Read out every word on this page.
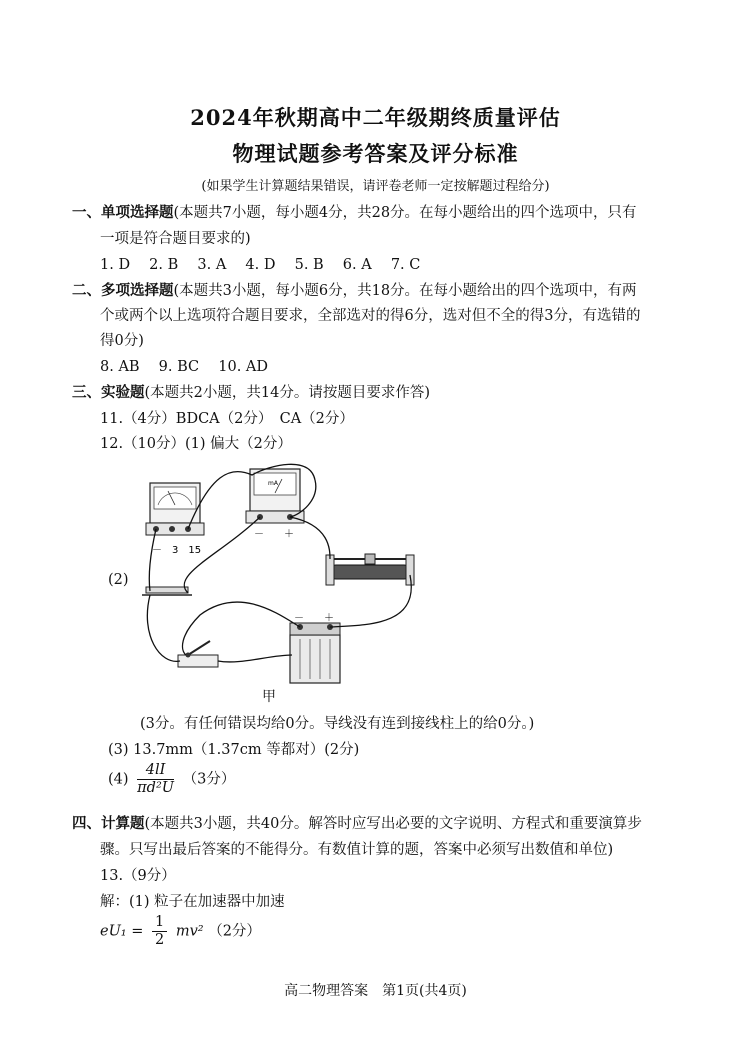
2024年秋期高中二年级期终质量评估
物理试题参考答案及评分标准
(如果学生计算题结果错误，请评卷老师一定按解题过程给分)
一、单项选择题(本题共7小题，每小题4分，共28分。在每小题给出的四个选项中，只有
一项是符合题目要求的)
1. D　 2. B　 3. A　 4. D　 5. B　 6. A　 7. C
二、多项选择题(本题共3小题，每小题6分，共18分。在每小题给出的四个选项中，有两
个或两个以上选项符合题目要求，全部选对的得6分，选对但不全的得3分，有选错的
得0分)
8. AB　 9. BC　 10. AD
三、实验题(本题共2小题，共14分。请按题目要求作答)
11.（4分）BDCA（2分）　CA（2分）
12.（10分）(1) 偏大（2分）
(2)
mA
－　3　15
－　　＋
－　　＋
甲
(3分。有任何错误均给0分。导线没有连到接线柱上的给0分。)
(3) 13.7mm（1.37cm 等都对）(2分)
$(4) \frac{4lI}{\text{πd²U}} (3$分）
四、计算题(本题共3小题，共40分。解答时应写出必要的文字说明、方程式和重要演算步
骤。只写出最后答案的不能得分。有数值计算的题，答案中必须写出数值和单位)
13.（9分）
解：(1) 粒子在加速器中加速
$eU_1 = \frac{1}{2} mv^2$ （2分）
高二物理答案　第1页(共4页)
